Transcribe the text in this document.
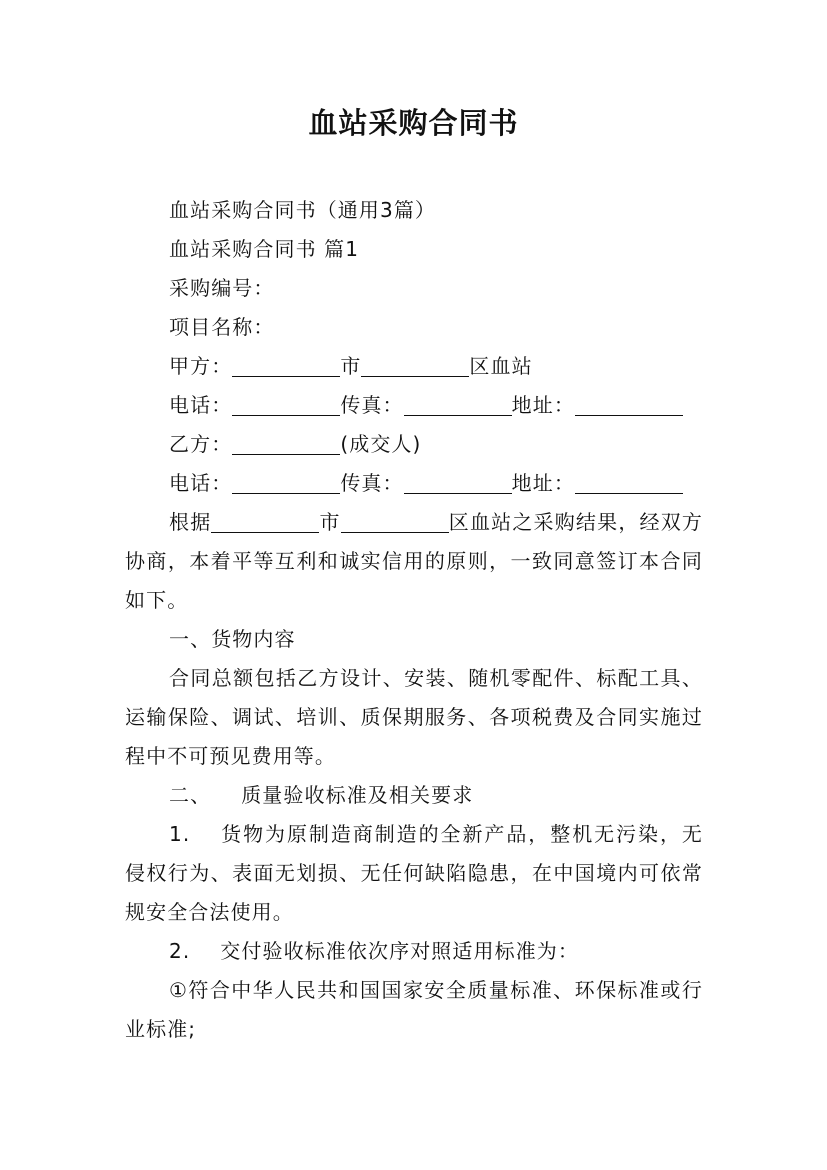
血站采购合同书
血站采购合同书（通用3篇）
血站采购合同书 篇1
采购编号：
项目名称：
甲方：	市	区血站
电话：	传真：	地址：
乙方：	(成交人)
电话：	传真：	地址：
根据	市	区血站之采购结果，经双方协商，本着平等互利和诚实信用的原则，一致同意签订本合同如下。
一、货物内容
合同总额包括乙方设计、安装、随机零配件、标配工具、运输保险、调试、培训、质保期服务、各项税费及合同实施过程中不可预见费用等。
二、 质量验收标准及相关要求
1. 货物为原制造商制造的全新产品，整机无污染，无侵权行为、表面无划损、无任何缺陷隐患，在中国境内可依常规安全合法使用。
2. 交付验收标准依次序对照适用标准为：
①符合中华人民共和国国家安全质量标准、环保标准或行业标准;
